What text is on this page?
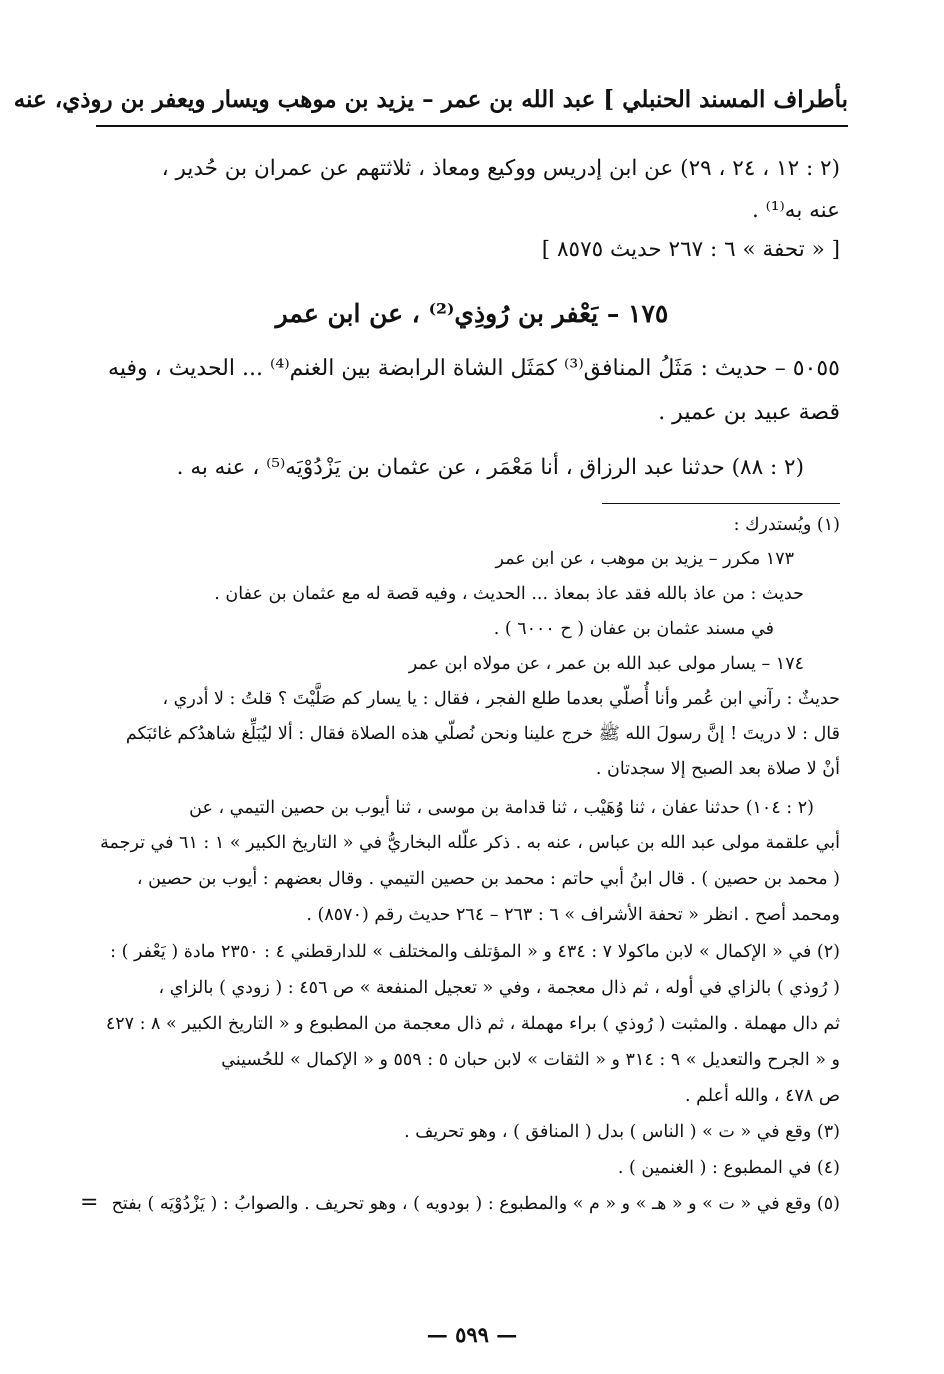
بأطراف المسند الحنبلي ] عبد الله بن عمر – يزيد بن موهب ويسار ويعفر بن روذي، عنه
(٢ : ١٢ ، ٢٤ ، ٢٩) عن ابن إدريس ووكيع ومعاذ ، ثلاثتهم عن عمران بن حُدير ،
عنه به⁽¹⁾ .
[ « تحفة » ٦ : ٢٦٧ حديث ٨٥٧٥ ]
١٧٥ – يَعْفر بن رُوذِي⁽²⁾ ، عن ابن عمر
٥٠٥٥ – حديث : مَثَلُ المنافق⁽³⁾ كمَثَل الشاة الرابضة بين الغنم⁽⁴⁾ ... الحديث ، وفيه
قصة عبيد بن عمير .
(٢ : ٨٨) حدثنا عبد الرزاق ، أنا مَعْمَر ، عن عثمان بن يَزْدُوْيَه⁽⁵⁾ ، عنه به .
(١) ويُستدرك :
١٧٣ مكرر – يزيد بن موهب ، عن ابن عمر
حديث : من عاذ بالله فقد عاذ بمعاذ ... الحديث ، وفيه قصة له مع عثمان بن عفان .
في مسند عثمان بن عفان ( ح ٦٠٠٠ ) .
١٧٤ – يسار مولى عبد الله بن عمر ، عن مولاه ابن عمر
حديثٌ : رآني ابن عُمر وأنا أُصلّي بعدما طلع الفجر ، فقال : يا يسار كم صَلَّيْتَ ؟ قلتُ : لا أدري ،
قال : لا دريتَ ! إنَّ رسولَ الله ﷺ خرج علينا ونحن نُصلّي هذه الصلاة فقال : ألا ليُبَلِّغ شاهدُكم غائبَكم
أنْ لا صلاة بعد الصبح إلا سجدتان .
(٢ : ١٠٤) حدثنا عفان ، ثنا وُهَيْب ، ثنا قدامة بن موسى ، ثنا أيوب بن حصين التيمي ، عن
أبي علقمة مولى عبد الله بن عباس ، عنه به . ذكر علّله البخاريُّ في « التاريخ الكبير » ١ : ٦١ في ترجمة
( محمد بن حصين ) . قال ابنُ أبي حاتم : محمد بن حصين التيمي . وقال بعضهم : أيوب بن حصين ،
ومحمد أصح . انظر « تحفة الأشراف » ٦ : ٢٦٣ – ٢٦٤ حديث رقم (٨٥٧٠) .
(٢) في « الإكمال » لابن ماكولا ٧ : ٤٣٤ و « المؤتلف والمختلف » للدارقطني ٤ : ٢٣٥٠ مادة ( يَعْفر ) :
( رُوذي ) بالزاي في أوله ، ثم ذال معجمة ، وفي « تعجيل المنفعة » ص ٤٥٦ : ( زودي ) بالزاي ،
ثم دال مهملة . والمثبت ( رُوذي ) براء مهملة ، ثم ذال معجمة من المطبوع و « التاريخ الكبير » ٨ : ٤٢٧
و « الجرح والتعديل » ٩ : ٣١٤ و « الثقات » لابن حبان ٥ : ٥٥٩ و « الإكمال » للحُسيني
ص ٤٧٨ ، والله أعلم .
(٣) وقع في « ت » ( الناس ) بدل ( المنافق ) ، وهو تحريف .
(٤) في المطبوع : ( الغنمين ) .
(٥) وقع في « ت » و « هـ » و « م » والمطبوع : ( بودويه ) ، وهو تحريف . والصوابُ : ( يَزْدُوْيَه ) بفتح
=
— ٥٩٩ —
